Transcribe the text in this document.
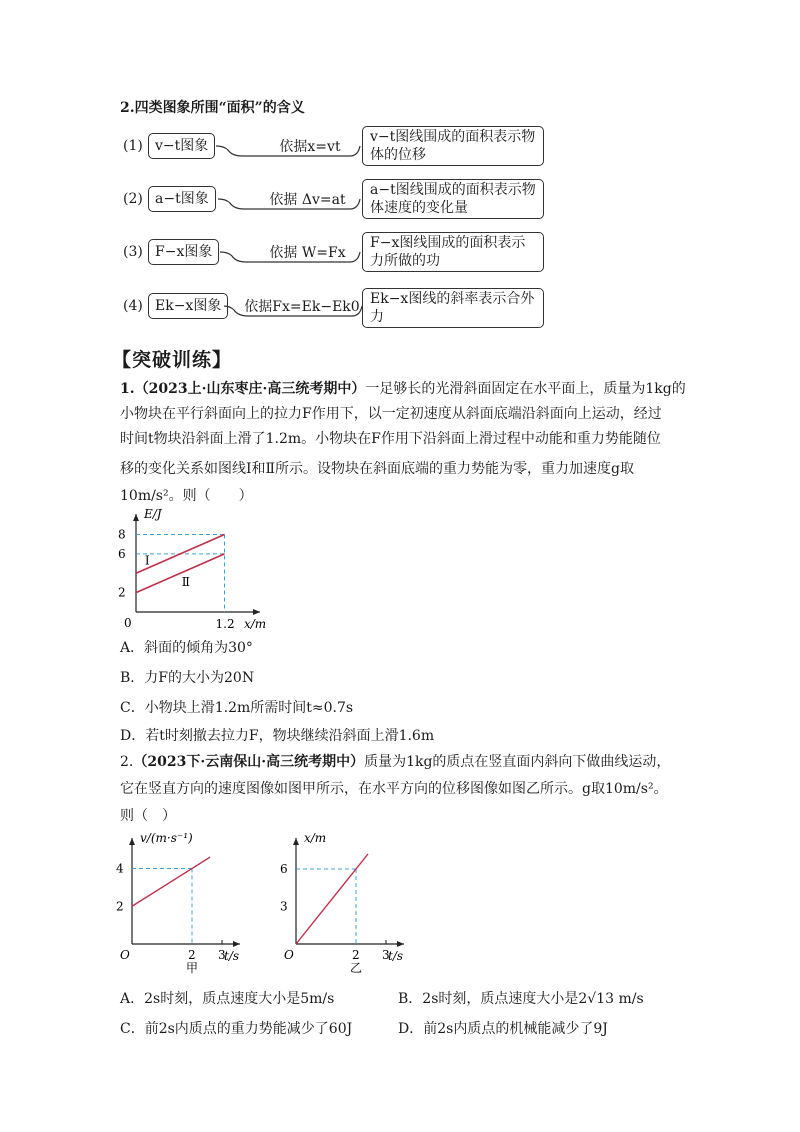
2.四类图象所围“面积”的含义
(1) v−t图象	依据x=vt
v−t图线围成的面积表示物体的位移
(2) a−t图象	依据 Δv=at
a−t图线围成的面积表示物体速度的变化量
(3) F−x图象	依据 W=Fx
F−x图线围成的面积表示力所做的功
(4) Ek−x图象	依据Fx=Ek−Ek0 Ek−x图线的斜率表示合外力
【突破训练】
1.（2023上·山东枣庄·高三统考期中）一足够长的光滑斜面固定在水平面上，质量为1kg的
小物块在平行斜面向上的拉力F作用下，以一定初速度从斜面底端沿斜面向上运动，经过
时间t物块沿斜面上滑了1.2m。小物块在F作用下沿斜面上滑过程中动能和重力势能随位
移的变化关系如图线Ⅰ和Ⅱ所示。设物块在斜面底端的重力势能为零，重力加速度g取
10m/s²。则（　　）
E/J
x/m
0
Ⅰ
Ⅱ
8
6
2
1.2
A．斜面的倾角为30°
B．力F的大小为20N
C．小物块上滑1.2m所需时间t≈0.7s
D．若t时刻撤去拉力F，物块继续沿斜面上滑1.6m
2.（2023下·云南保山·高三统考期中）质量为1kg的质点在竖直面内斜向下做曲线运动，
它在竖直方向的速度图像如图甲所示，在水平方向的位移图像如图乙所示。g取10m/s²。
则（　）
v/(m·s⁻¹)
t/s
O
4
2
2 3
甲
x/m
t/s
O
6
3
2 3
乙
A．2s时刻，质点速度大小是5m/s	B．2s时刻，质点速度大小是2√13 m/s
C．前2s内质点的重力势能减少了60J	D．前2s内质点的机械能减少了9J
